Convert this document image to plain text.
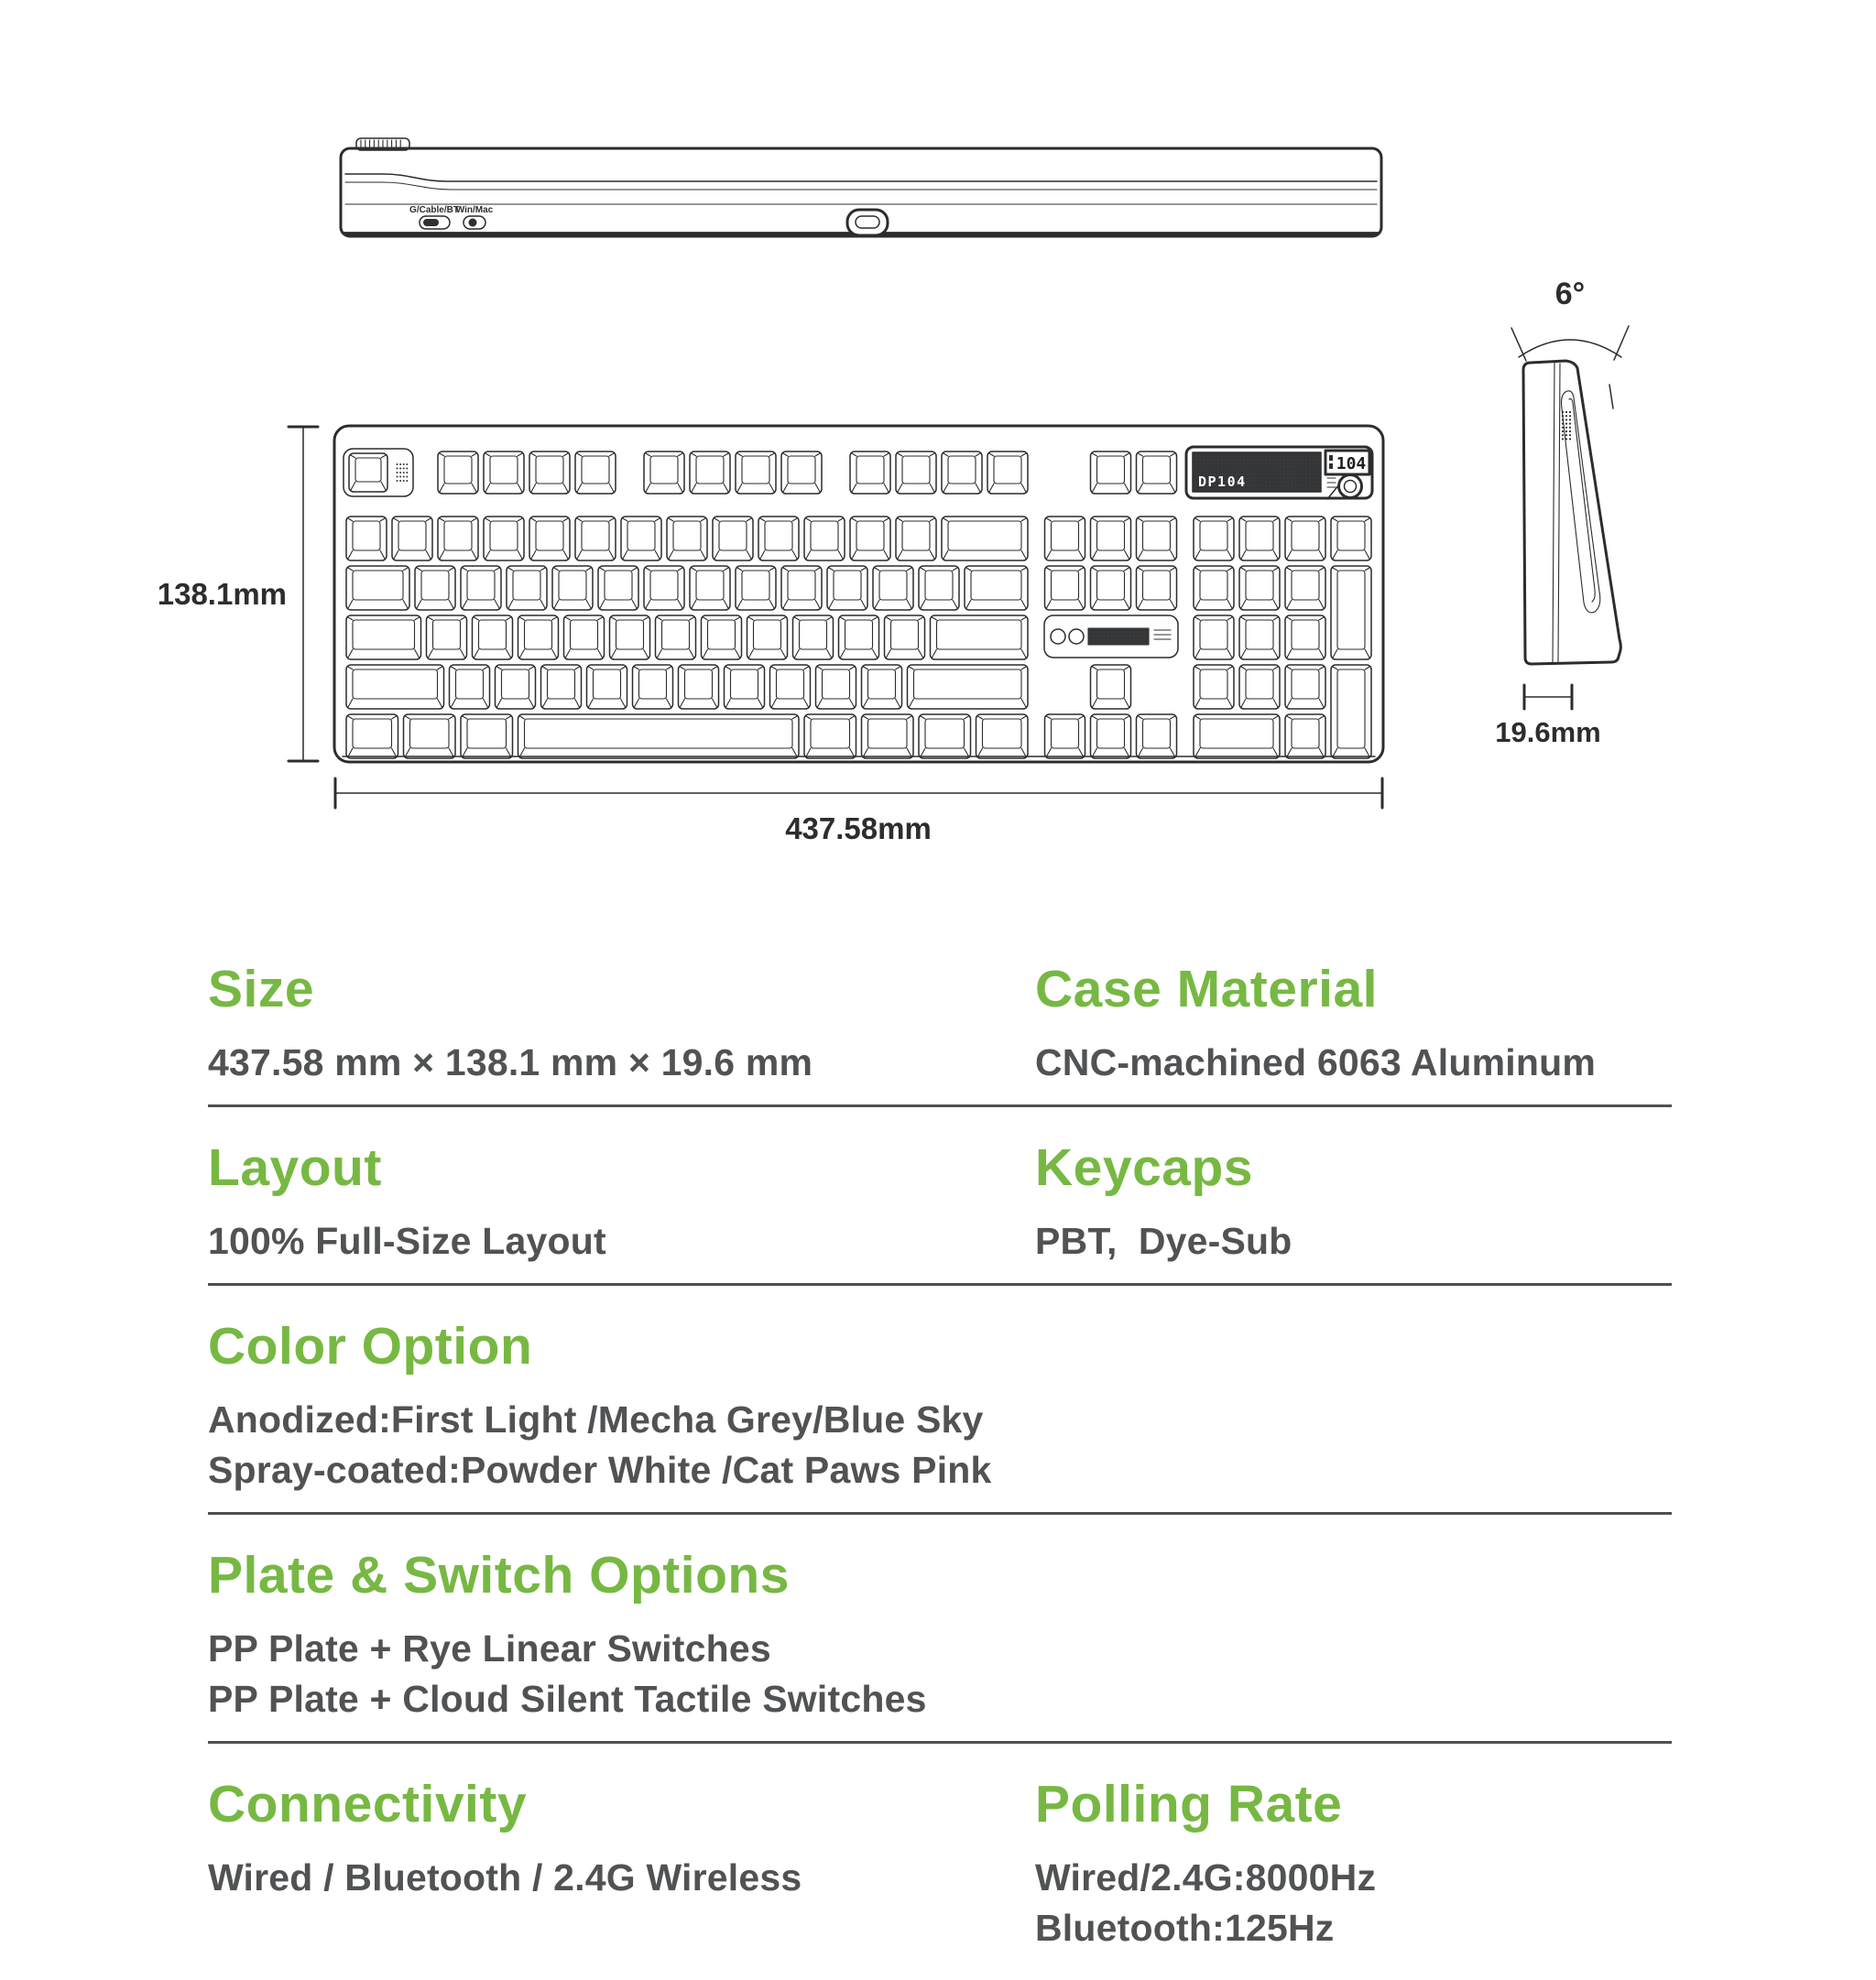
G/Cable/BT
Win/Mac
DP104
104
138.1mm
437.58mm
6°
19.6mm
Size

437.58 mm × 138.1 mm × 19.6 mm

Case Material

CNC-machined 6063 Aluminum

Layout

100% Full-Size Layout

Keycaps

PBT,  Dye-Sub

Color Option

Anodized:First Light /Mecha Grey/Blue Sky

Spray-coated:Powder White /Cat Paws Pink

Plate & Switch Options

PP Plate + Rye Linear Switches

PP Plate + Cloud Silent Tactile Switches

Connectivity

Wired / Bluetooth / 2.4G Wireless

Polling Rate

Wired/2.4G:8000Hz  Bluetooth:125Hz
